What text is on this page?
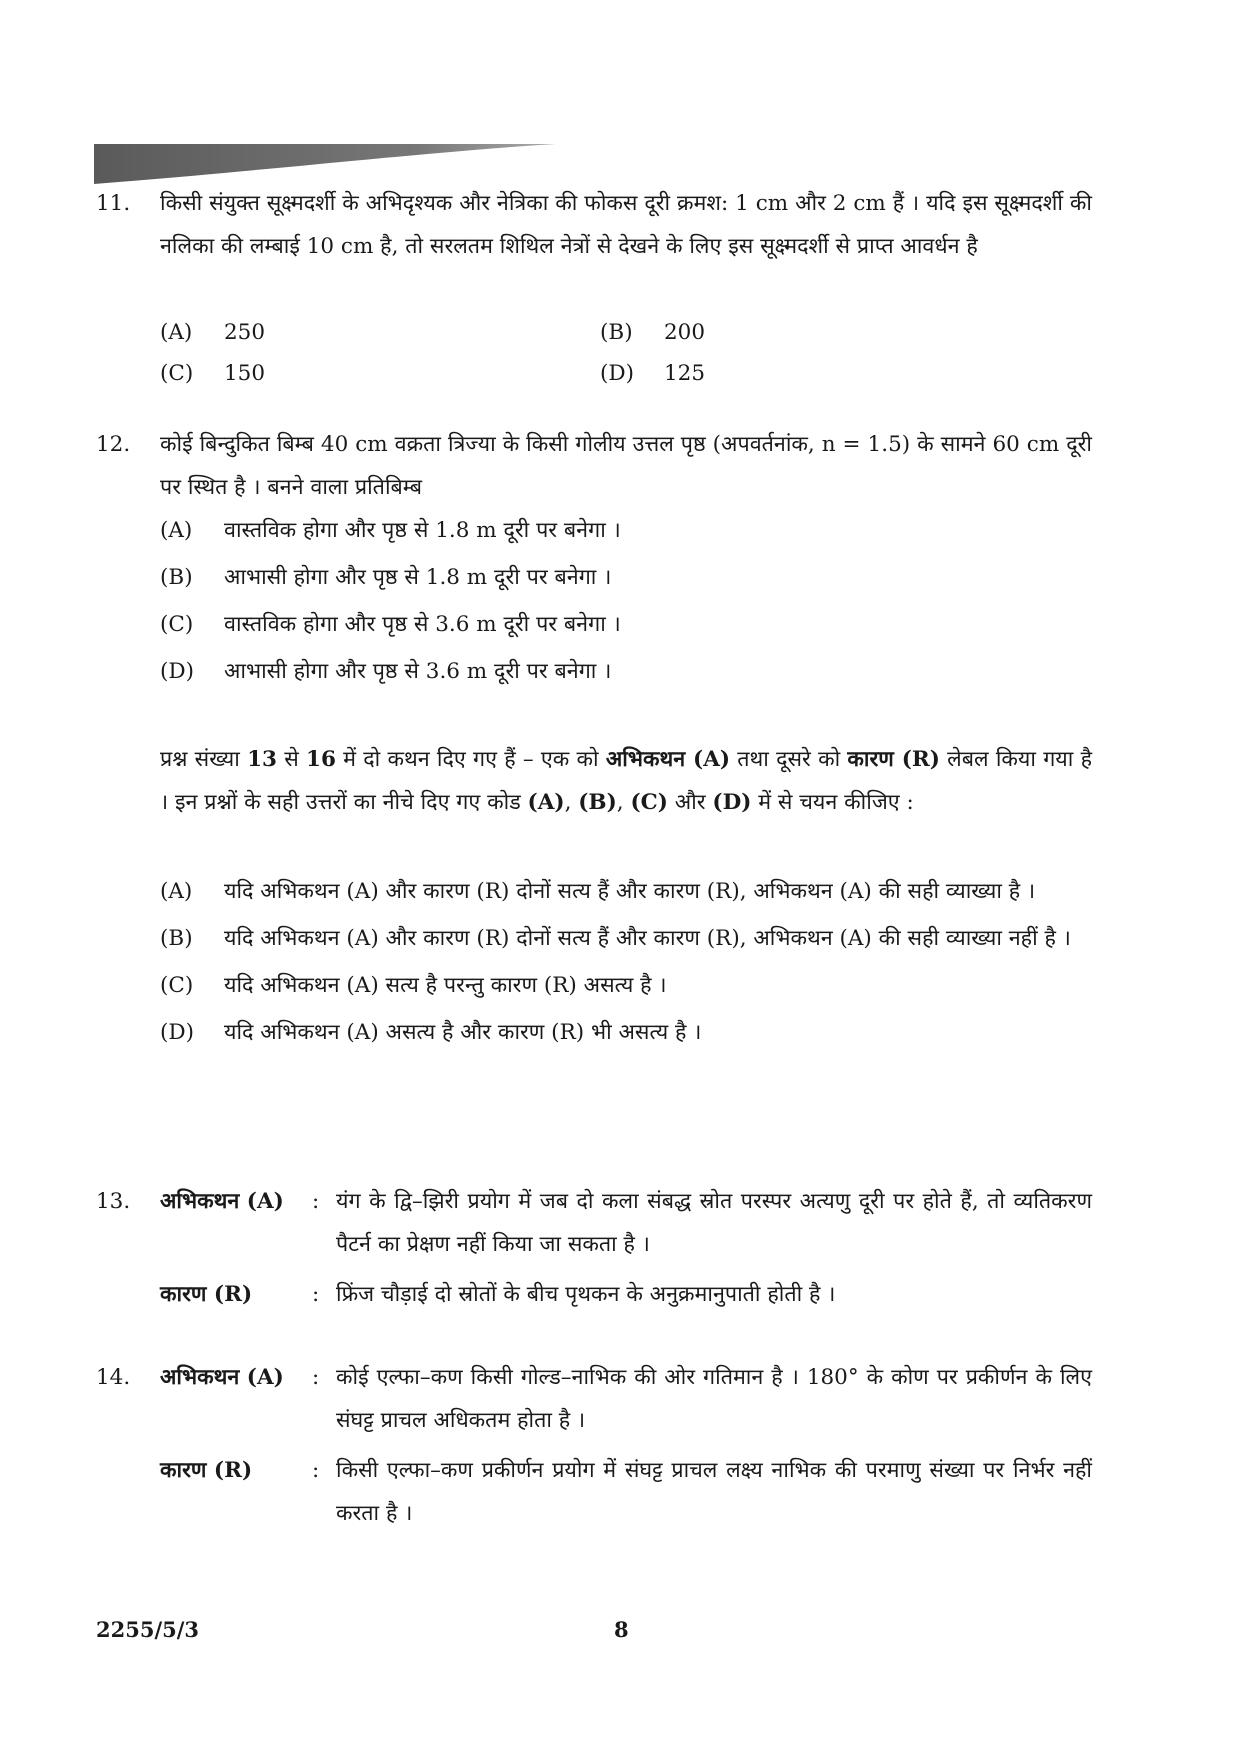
11.	किसी संयुक्त सूक्ष्मदर्शी के अभिदृश्यक और नेत्रिका की फोकस दूरी क्रमश: 1 cm और 2 cm हैं । यदि इस सूक्ष्मदर्शी की नलिका की लम्बाई 10 cm है, तो सरलतम शिथिल नेत्रों से देखने के लिए इस सूक्ष्मदर्शी से प्राप्त आवर्धन है
(A) 250	(B) 200
(C) 150	(D) 125
12.	कोई बिन्दुकित बिम्ब 40 cm वक्रता त्रिज्या के किसी गोलीय उत्तल पृष्ठ (अपवर्तनांक, n = 1.5) के सामने 60 cm दूरी पर स्थित है । बनने वाला प्रतिबिम्ब
(A) वास्तविक होगा और पृष्ठ से 1.8 m दूरी पर बनेगा ।
(B) आभासी होगा और पृष्ठ से 1.8 m दूरी पर बनेगा ।
(C) वास्तविक होगा और पृष्ठ से 3.6 m दूरी पर बनेगा ।
(D) आभासी होगा और पृष्ठ से 3.6 m दूरी पर बनेगा ।
प्रश्न संख्या 13 से 16 में दो कथन दिए गए हैं – एक को अभिकथन (A) तथा दूसरे को कारण (R) लेबल किया गया है । इन प्रश्नों के सही उत्तरों का नीचे दिए गए कोड (A), (B), (C) और (D) में से चयन कीजिए :
(A) यदि अभिकथन (A) और कारण (R) दोनों सत्य हैं और कारण (R), अभिकथन (A) की सही व्याख्या है ।
(B) यदि अभिकथन (A) और कारण (R) दोनों सत्य हैं और कारण (R), अभिकथन (A) की सही व्याख्या नहीं है ।
(C) यदि अभिकथन (A) सत्य है परन्तु कारण (R) असत्य है ।
(D) यदि अभिकथन (A) असत्य है और कारण (R) भी असत्य है ।
13. अभिकथन (A) : यंग के द्वि–झिरी प्रयोग में जब दो कला संबद्ध स्रोत परस्पर अत्यणु दूरी पर होते हैं, तो व्यतिकरण पैटर्न का प्रेक्षण नहीं किया जा सकता है ।
कारण (R)	: फ्रिंज चौड़ाई दो स्रोतों के बीच पृथकन के अनुक्रमानुपाती होती है ।
14. अभिकथन (A) : कोई एल्फा–कण किसी गोल्ड–नाभिक की ओर गतिमान है । 180° के कोण पर प्रकीर्णन के लिए संघट्ट प्राचल अधिकतम होता है ।
कारण (R)	: किसी एल्फा–कण प्रकीर्णन प्रयोग में संघट्ट प्राचल लक्ष्य नाभिक की परमाणु संख्या पर निर्भर नहीं करता है ।
2255/5/3	8
